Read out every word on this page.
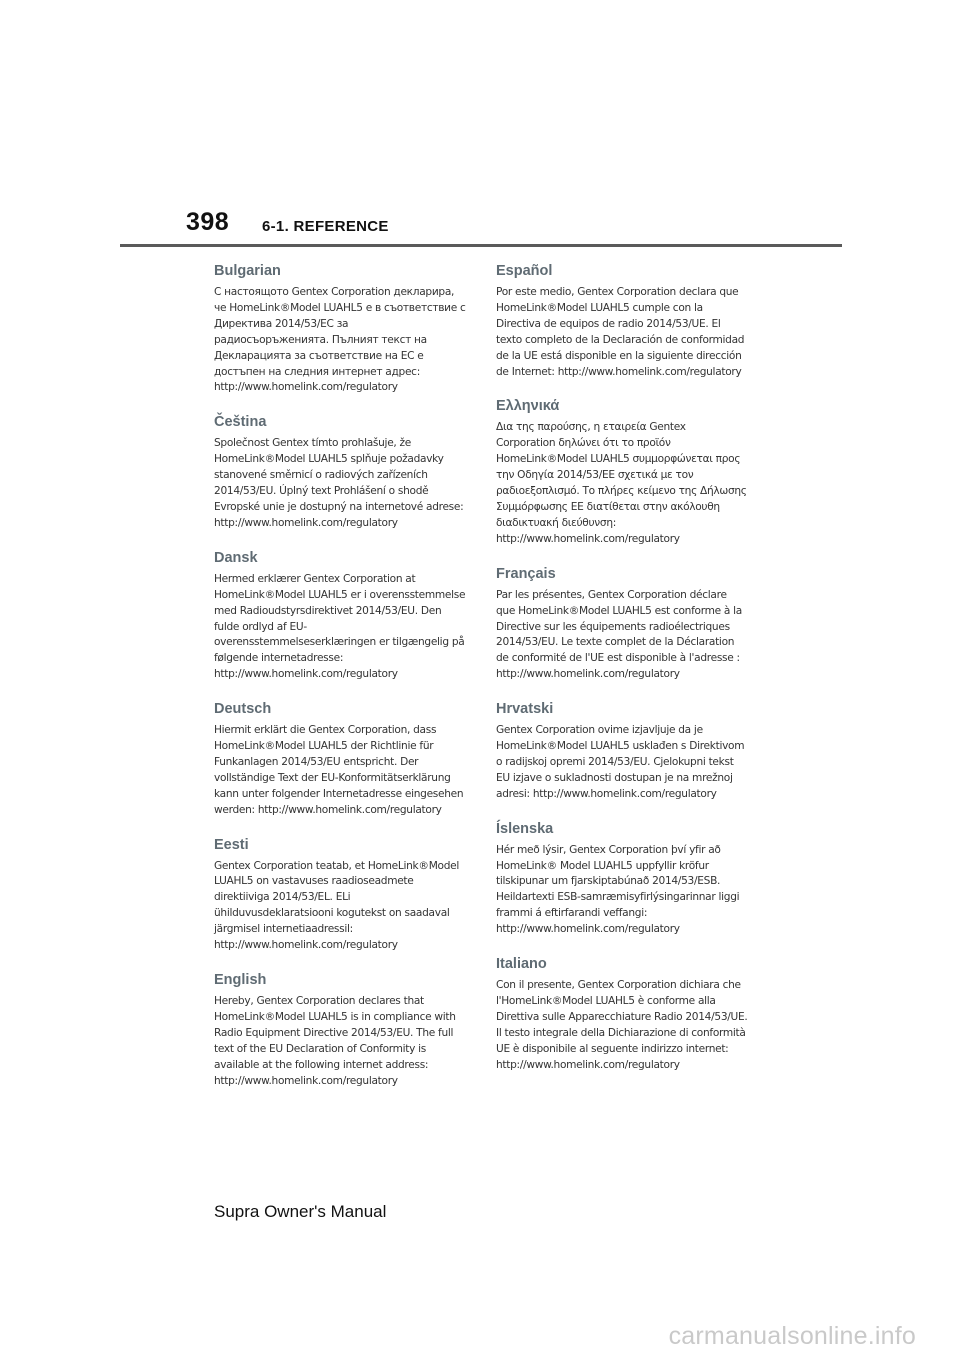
398 6-1. REFERENCE
Bulgarian

С настоящото Gentex Corporation декларира, че HomeLink®Model LUAHL5 е в съответствие с Директива 2014/53/ЕС за радиосъоръженията. Пълният текст на Декларацията за съответствие на ЕС е достъпен на следния интернет адрес: http://www.homelink.com/regulatory

Čeština

Společnost Gentex tímto prohlašuje, že HomeLink®Model LUAHL5 splňuje požadavky stanovené směrnicí o radiových zařízeních 2014/53/EU. Úplný text Prohlášení o shodě Evropské unie je dostupný na internetové adrese: http://www.homelink.com/regulatory

Dansk

Hermed erklærer Gentex Corporation at HomeLink®Model LUAHL5 er i overensstemmelse med Radioudstyrsdirektivet 2014/53/EU. Den fulde ordlyd af EU-overensstemmelseserklæringen er tilgængelig på følgende internetadresse: http://www.homelink.com/regulatory

Deutsch

Hiermit erklärt die Gentex Corporation, dass HomeLink®Model LUAHL5 der Richtlinie für Funkanlagen 2014/53/EU entspricht. Der vollständige Text der EU-Konformitätserklärung kann unter folgender Internetadresse eingesehen werden: http://www.homelink.com/regulatory

Eesti

Gentex Corporation teatab, et HomeLink®Model LUAHL5 on vastavuses raadioseadmete direktiiviga 2014/53/EL. ELi ühilduvusdeklaratsiooni kogutekst on saadaval järgmisel internetiaadressil: http://www.homelink.com/regulatory

English

Hereby, Gentex Corporation declares that HomeLink®Model LUAHL5 is in compliance with Radio Equipment Directive 2014/53/EU. The full text of the EU Declaration of Conformity is available at the following internet address: http://www.homelink.com/regulatory

Español

Por este medio, Gentex Corporation declara que HomeLink®Model LUAHL5 cumple con la Directiva de equipos de radio 2014/53/UE. El texto completo de la Declaración de conformidad de la UE está disponible en la siguiente dirección de Internet: http://www.homelink.com/regulatory

Ελληνικά

Δια της παρούσης, η εταιρεία Gentex Corporation δηλώνει ότι το προϊόν HomeLink®Model LUAHL5 συμμορφώνεται προς την Οδηγία 2014/53/ΕΕ σχετικά με τον ραδιοεξοπλισμό. Το πλήρες κείμενο της Δήλωσης Συμμόρφωσης ΕΕ διατίθεται στην ακόλουθη διαδικτυακή διεύθυνση: http://www.homelink.com/regulatory

Français

Par les présentes, Gentex Corporation déclare que HomeLink®Model LUAHL5 est conforme à la Directive sur les équipements radioélectriques 2014/53/EU. Le texte complet de la Déclaration de conformité de l'UE est disponible à l'adresse : http://www.homelink.com/regulatory

Hrvatski

Gentex Corporation ovime izjavljuje da je HomeLink®Model LUAHL5 usklađen s Direktivom o radijskoj opremi 2014/53/EU. Cjelokupni tekst EU izjave o sukladnosti dostupan je na mrežnoj adresi: http://www.homelink.com/regulatory

Íslenska

Hér með lýsir, Gentex Corporation því yfir að HomeLink® Model LUAHL5 uppfyllir kröfur tilskipunar um fjarskiptabúnað 2014/53/ESB. Heildartexti ESB-samræmisyfirlýsingarinnar liggi frammi á eftirfarandi veffangi: http://www.homelink.com/regulatory

Italiano

Con il presente, Gentex Corporation dichiara che l'HomeLink®Model LUAHL5 è conforme alla Direttiva sulle Apparecchiature Radio 2014/53/UE. Il testo integrale della Dichiarazione di conformità UE è disponibile al seguente indirizzo internet: http://www.homelink.com/regulatory

Supra Owner's Manual
carmanualsonline.info
